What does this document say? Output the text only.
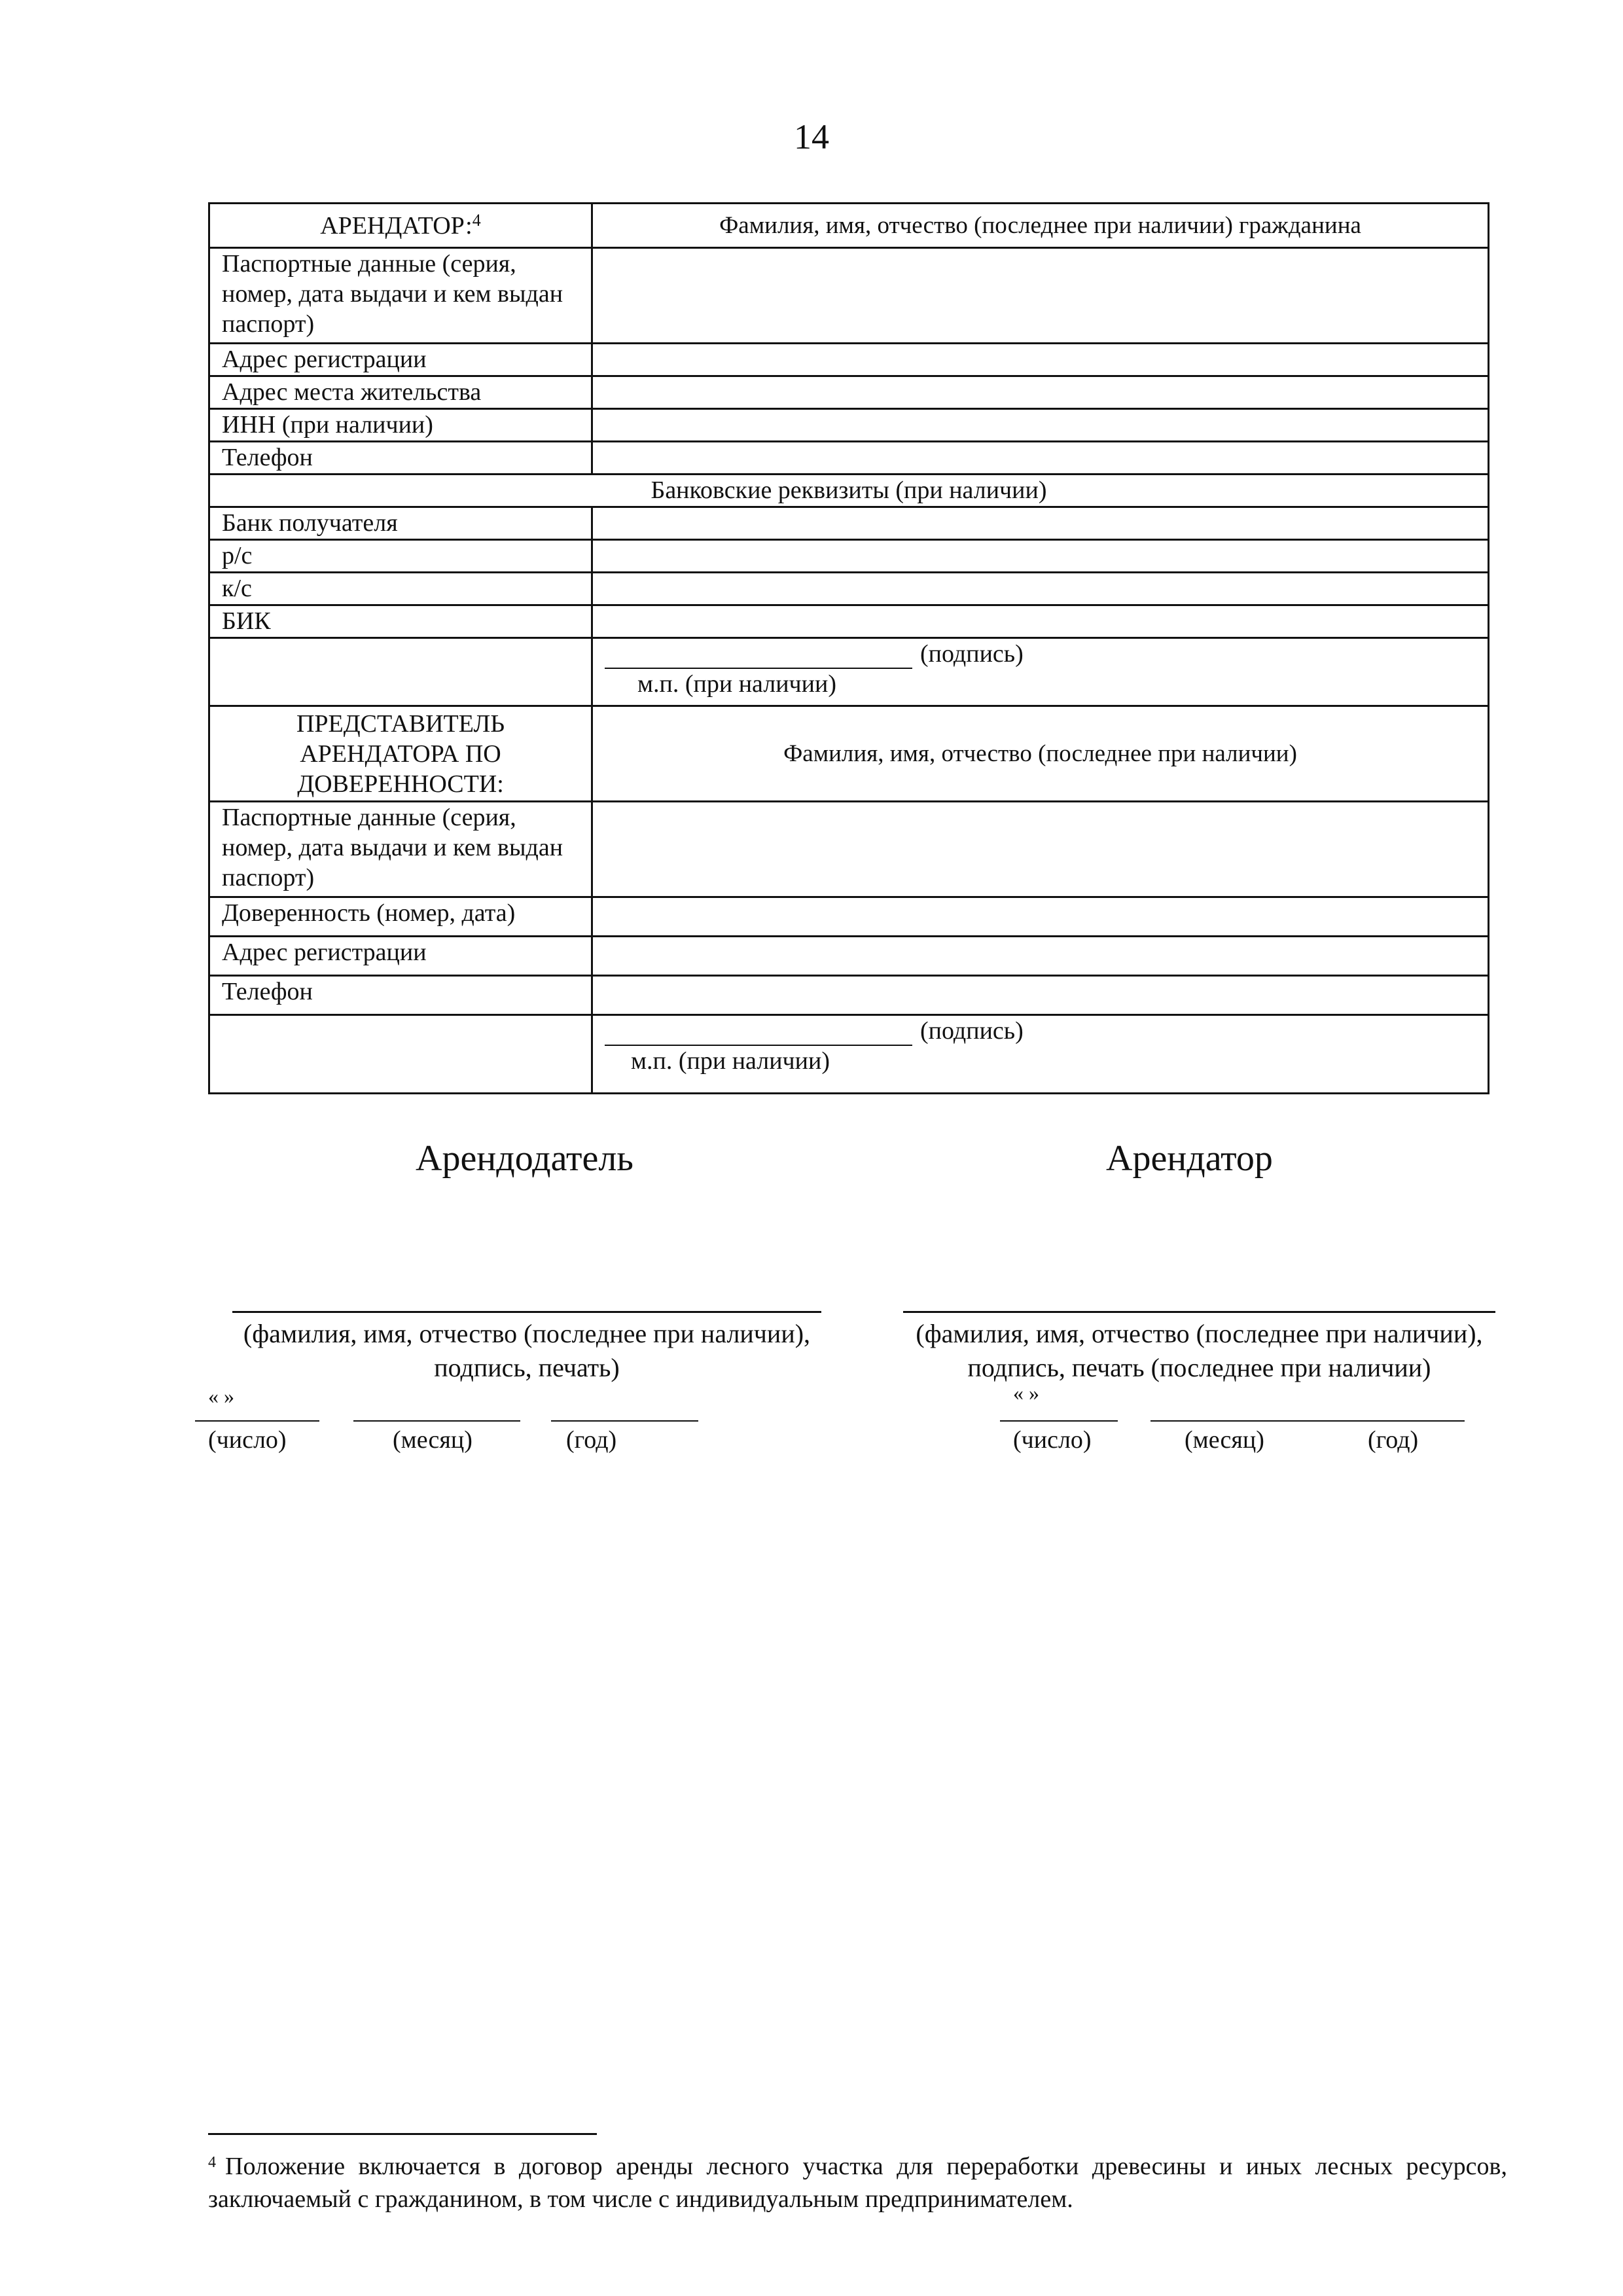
14
АРЕНДАТОР:$^4$	Фамилия, имя, отчество (последнее при наличии) гражданина
Паспортные данные (серия, номер, дата выдачи и кем выдан паспорт)	
Адрес регистрации	
Адрес места жительства	
ИНН (при наличии)	
Телефон	
Банковские реквизиты (при наличии)	
Банк получателя	
р/с	
к/с	
БИК	

	(подпись)
м.п. (при наличии)

ПРЕДСТАВИТЕЛЬ АРЕНДАТОРА ПО ДОВЕРЕННОСТИ:	Фамилия, имя, отчество (последнее при наличии)
Паспортные данные (серия, номер, дата выдачи и кем выдан паспорт)	
Доверенность (номер, дата)	
Адрес регистрации	
Телефон	

	(подпись)
м.п. (при наличии)
Арендодатель
(фамилия, имя, отчество (последнее при наличии), подпись, печать)
« »
(число)	(месяц)	(год)
Арендатор
(фамилия, имя, отчество (последнее при наличии), подпись, печать (последнее при наличии)
« »
(число)	(месяц)	(год)
$^4$ Положение включается в договор аренды лесного участка для переработки древесины и иных лесных ресурсов, заключаемый с гражданином, в том числе с индивидуальным предпринимателем.
